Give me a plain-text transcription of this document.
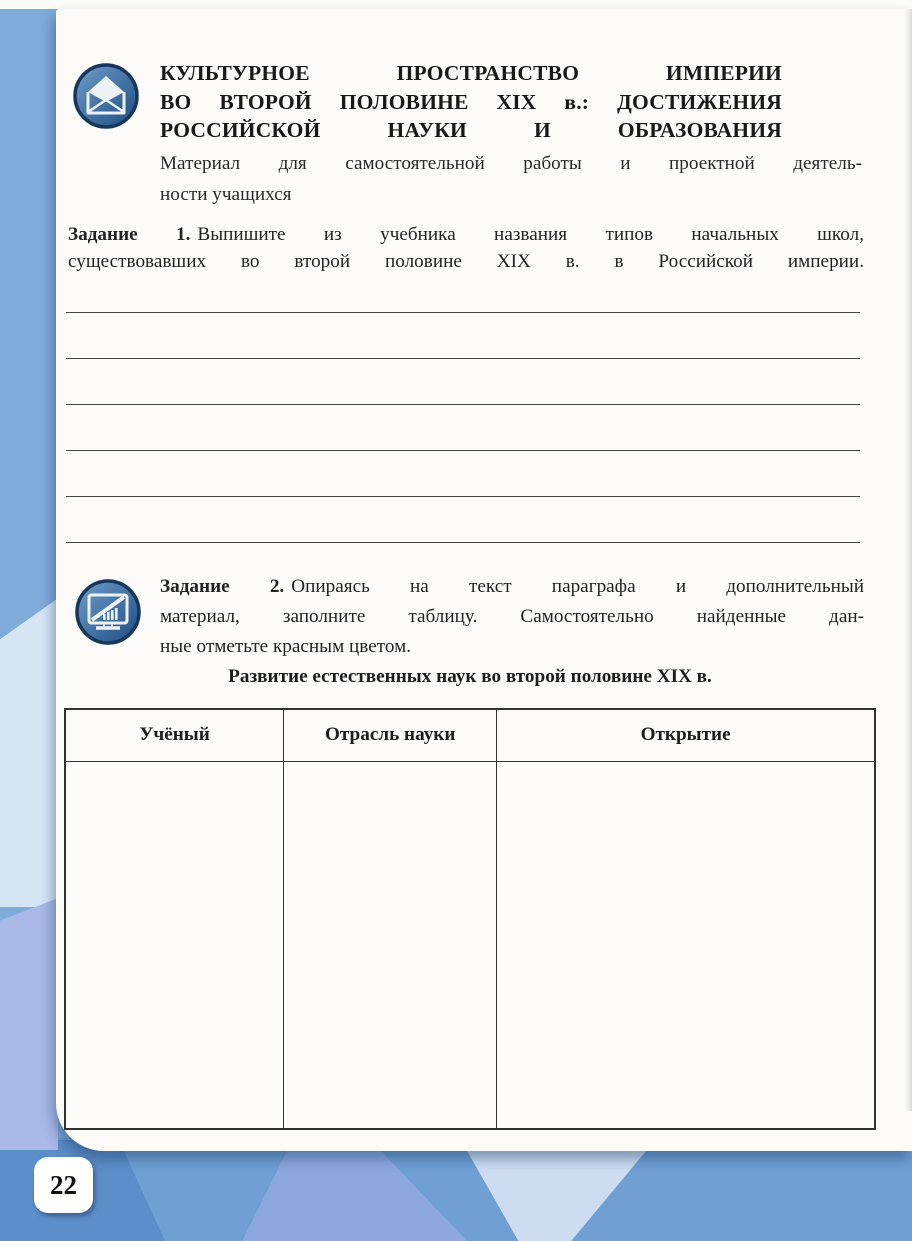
КУЛЬТУРНОЕ ПРОСТРАНСТВО ИМПЕРИИ
ВО ВТОРОЙ ПОЛОВИНЕ XIX в.: ДОСТИЖЕНИЯ
РОССИЙСКОЙ НАУКИ И ОБРАЗОВАНИЯ
Материал для самостоятельной работы и проектной деятель-
ности учащихся
Задание 1. Выпишите из учебника названия типов начальных школ,
существовавших во второй половине XIX в. в Российской империи.
Задание 2. Опираясь на текст параграфа и дополнительный
материал, заполните таблицу. Самостоятельно найденные дан-
ные отметьте красным цветом.
Развитие естественных наук во второй половине XIX в.
Учёный	Отрасль науки	Открытие

22
